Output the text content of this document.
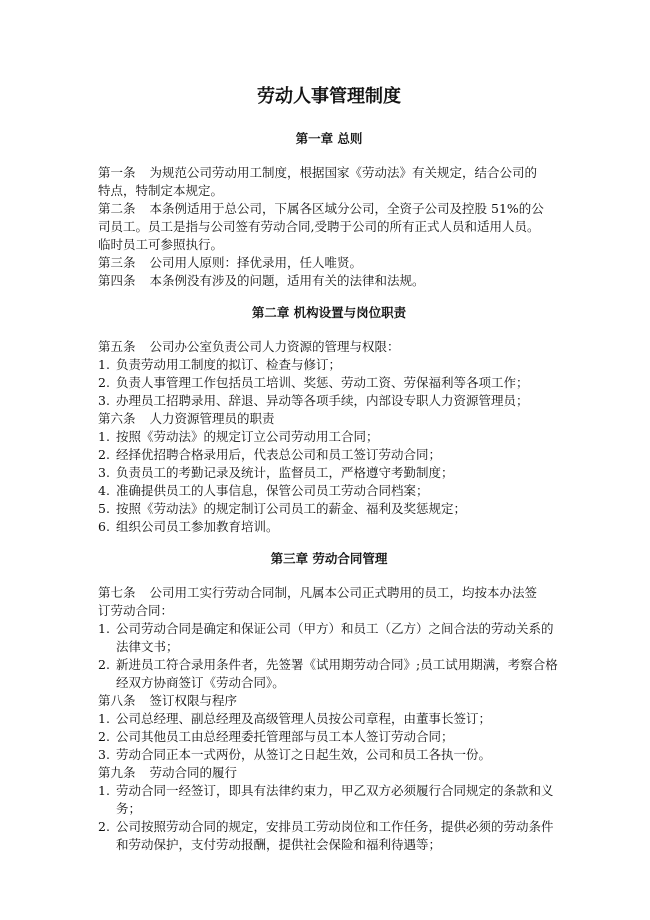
劳动人事管理制度
第一章 总则
第一条 为规范公司劳动用工制度，根据国家《劳动法》有关规定，结合公司的
特点，特制定本规定。
第二条 本条例适用于总公司，下属各区域分公司，全资子公司及控股 51%的公
司员工。员工是指与公司签有劳动合同,受聘于公司的所有正式人员和适用人员。
临时员工可参照执行。
第三条 公司用人原则：择优录用，任人唯贤。
第四条 本条例没有涉及的问题，适用有关的法律和法规。
第二章 机构设置与岗位职责
第五条 公司办公室负责公司人力资源的管理与权限：
1. 负责劳动用工制度的拟订、检查与修订；
2. 负责人事管理工作包括员工培训、奖惩、劳动工资、劳保福利等各项工作；
3. 办理员工招聘录用、辞退、异动等各项手续，内部设专职人力资源管理员；
第六条 人力资源管理员的职责
1. 按照《劳动法》的规定订立公司劳动用工合同；
2. 经择优招聘合格录用后，代表总公司和员工签订劳动合同；
3. 负责员工的考勤记录及统计，监督员工，严格遵守考勤制度；
4. 准确提供员工的人事信息，保管公司员工劳动合同档案；
5. 按照《劳动法》的规定制订公司员工的薪金、福利及奖惩规定；
6. 组织公司员工参加教育培训。
第三章 劳动合同管理
第七条 公司用工实行劳动合同制，凡属本公司正式聘用的员工，均按本办法签
订劳动合同：
1. 公司劳动合同是确定和保证公司（甲方）和员工（乙方）之间合法的劳动关系的法律文书；
2. 新进员工符合录用条件者，先签署《试用期劳动合同》;员工试用期满，考察合格经双方协商签订《劳动合同》。
第八条 签订权限与程序
1. 公司总经理、副总经理及高级管理人员按公司章程，由董事长签订；
2. 公司其他员工由总经理委托管理部与员工本人签订劳动合同；
3. 劳动合同正本一式两份，从签订之日起生效，公司和员工各执一份。
第九条 劳动合同的履行
1. 劳动合同一经签订，即具有法律约束力，甲乙双方必须履行合同规定的条款和义务；
2. 公司按照劳动合同的规定，安排员工劳动岗位和工作任务，提供必须的劳动条件和劳动保护，支付劳动报酬，提供社会保险和福利待遇等；
